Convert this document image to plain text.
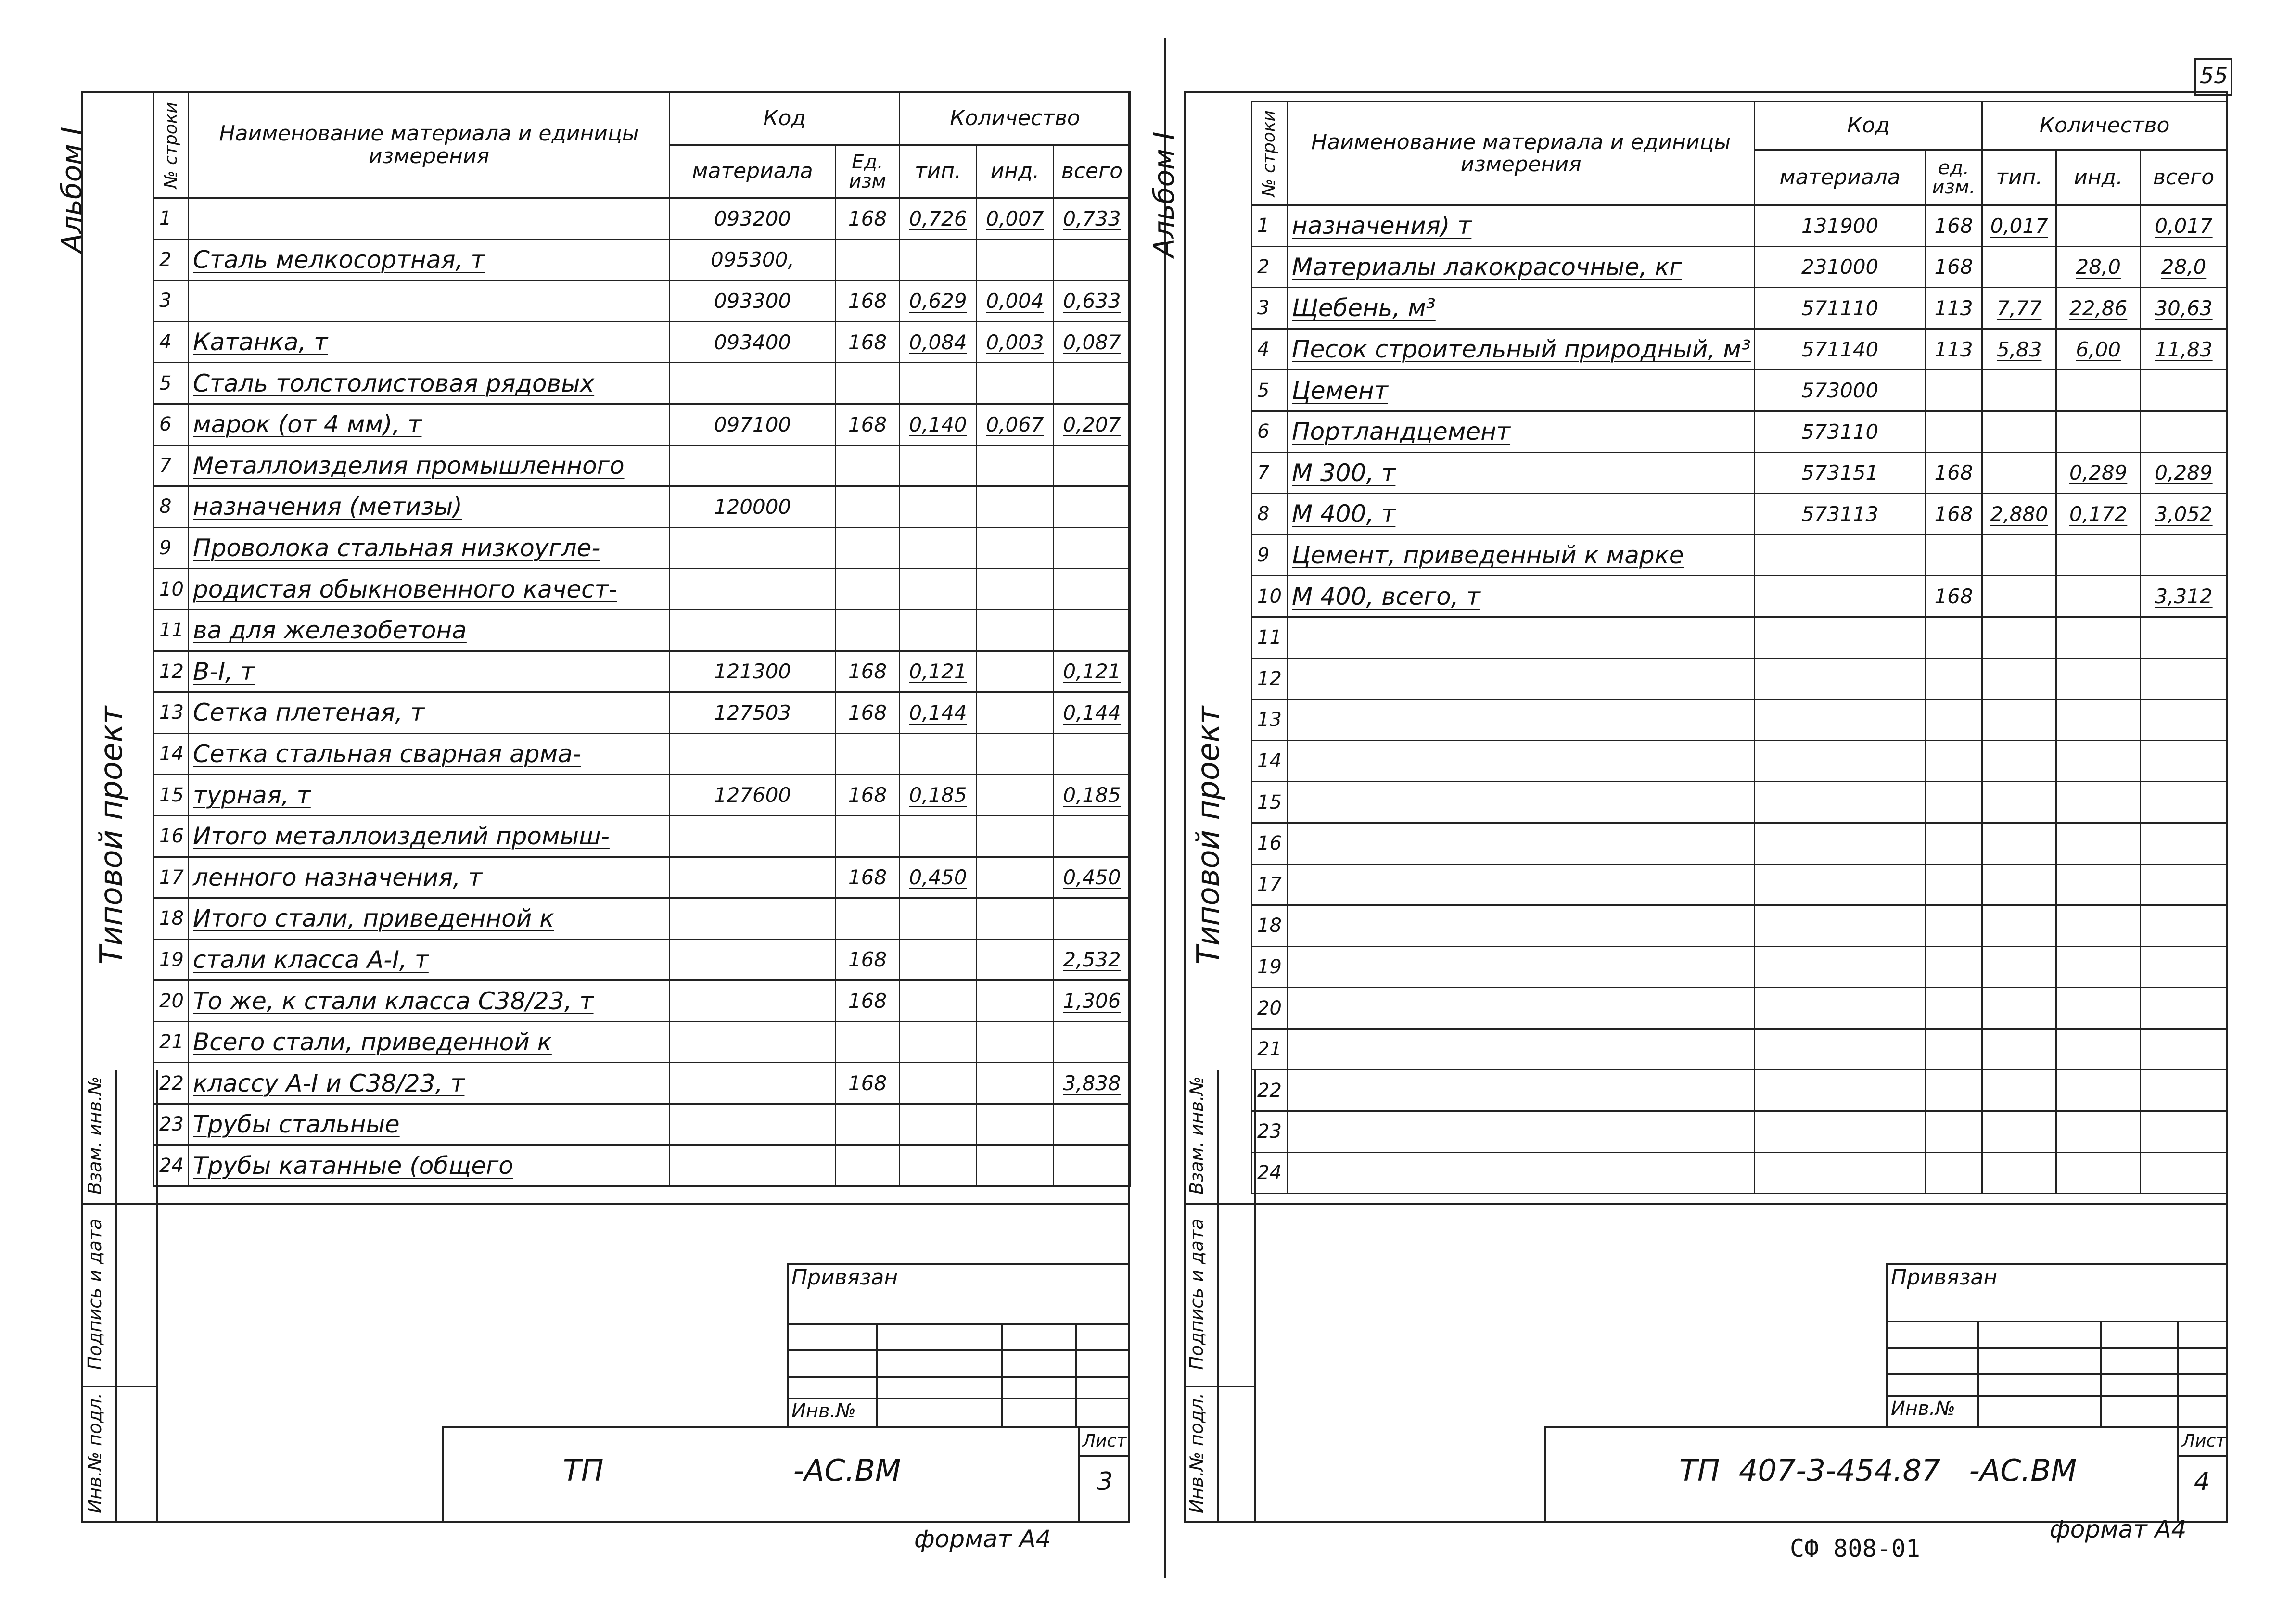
Альбом I
Типовой проект
Взам. инв.№
Подпись и дата
Инв.№ подл.
№ строки	Наименование материала и единицы измерения	Код		Количество		
		материала	Ед. изм	тип.	инд.	всего
1		093200	168	0,726	0,007	0,733
2	Сталь мелкосортная, т	095300,				
3		093300	168	0,629	0,004	0,633
4	Катанка, т	093400	168	0,084	0,003	0,087
5	Сталь толстолистовая рядовых					
6	марок (от 4 мм), т	097100	168	0,140	0,067	0,207
7	Металлоизделия промышленного					
8	назначения (метизы)	120000				
9	Проволока стальная низкоугле-					
10	родистая обыкновенного качест-					
11	ва для железобетона					
12	В-I, т	121300	168	0,121		0,121
13	Сетка плетеная, т	127503	168	0,144		0,144
14	Сетка стальная сварная арма-					
15	турная, т	127600	168	0,185		0,185
16	Итого металлоизделий промыш-					
17	ленного назначения, т		168	0,450		0,450
18	Итого стали, приведенной к					
19	стали класса А-I, т		168			2,532
20	То же, к стали класса С38/23, т		168			1,306
21	Всего стали, приведенной к					
22	классу А-I и С38/23, т		168			3,838
23	Трубы стальные					
24	Трубы катанные (общего					
Привязан
Инв.№
Лист
3
ТП                    -АС.ВМ
формат А4
55
Альбом I
Типовой проект
Взам. инв.№
Подпись и дата
Инв.№ подл.
№ строки	Наименование материала и единицы измерения	Код		Количество		
		материала	ед. изм.	тип.	инд.	всего
1	назначения) т	131900	168	0,017		0,017
2	Материалы лакокрасочные, кг	231000	168		28,0	28,0
3	Щебень, м³	571110	113	7,77	22,86	30,63
4	Песок строительный природный, м³	571140	113	5,83	6,00	11,83
5	Цемент	573000				
6	Портландцемент	573110				
7	М 300, т	573151	168		0,289	0,289
8	М 400, т	573113	168	2,880	0,172	3,052
9	Цемент, приведенный к марке					
10	М 400, всего, т		168			3,312
11						
12						
13						
14						
15						
16						
17						
18						
19						
20						
21						
22						
23						
24						
Привязан
Инв.№
Лист
4
ТП  407-3-454.87   -АС.ВМ
формат А4
СФ 808-01
